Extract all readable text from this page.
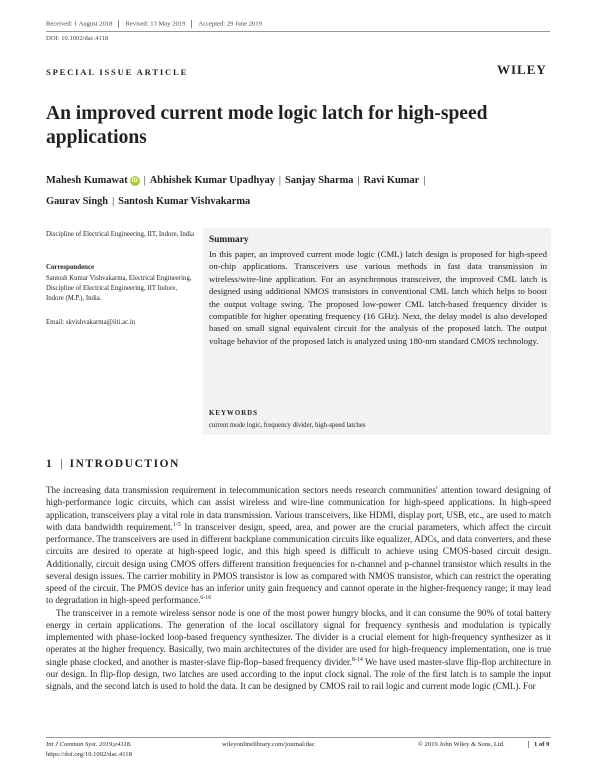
Received: 1 August 2018 Revised: 13 May 2019 Accepted: 29 June 2019
DOI: 10.1002/dac.4118
SPECIAL ISSUE ARTICLE	WILEY
An improved current mode logic latch for high-speed applications
Mahesh Kumawat iD | Abhishek Kumar Upadhyay | Sanjay Sharma | Ravi Kumar |
Gaurav Singh | Santosh Kumar Vishvakarma
Discipline of Electrical Engineering, IIT, Indore, India
Correspondence
Santosh Kumar Vishvakarma, Electrical Engineering, Discipline of Electrical Engineering, IIT Indore, Indore (M.P.), India.
Email: skvishvakarma@iiti.ac.in
Summary
In this paper, an improved current mode logic (CML) latch design is proposed for high-speed on-chip applications. Transceivers use various methods in fast data transmission in wireless/wire-line application. For an asynchronous transceiver, the improved CML latch is designed using additional NMOS transistors in conventional CML latch which helps to boost the output voltage swing. The proposed low-power CML latch-based frequency divider is compatible for higher operating frequency (16 GHz). Next, the delay model is also developed based on small signal equivalent circuit for the analysis of the proposed latch. The output voltage behavior of the proposed latch is analyzed using 180-nm standard CMOS technology.
KEYWORDS
current mode logic, frequency divider, high-speed latches
1 | INTRODUCTION

The increasing data transmission requirement in telecommunication sectors needs research communities' attention toward designing of high-performance logic circuits, which can assist wireless and wire-line communication for high-speed applications. In high-speed application, transceivers play a vital role in data transmission. Various transceivers, like HDMI, display port, USB, etc., are used to match with data bandwidth requirement.$^{1-5}$ In transceiver design, speed, area, and power are the crucial parameters, which affect the circuit performance. The transceivers are used in different backplane communication circuits like equalizer, ADCs, and data converters, and these circuits are desired to operate at high-speed logic, and this high speed is difficult to achieve using CMOS-based circuit design. Additionally, circuit design using CMOS offers different transition frequencies for n-channel and p-channel transistor which results in the several design issues. The carrier mobility in PMOS transistor is low as compared with NMOS transistor, which can restrict the operating speed of the circuit. The PMOS device has an inferior unity gain frequency and cannot operate in the higher-frequency range; it may lead to degradation in high-speed performance.$^{6-16}$

The transceiver in a remote wireless sensor node is one of the most power hungry blocks, and it can consume the 90% of total battery energy in certain applications. The generation of the local oscillatory signal for frequency synthesis and modulation is typically implemented with phase-locked loop-based frequency synthesizer. The divider is a crucial element for high-frequency synthesizer as it operates at the higher frequency. Basically, two main architectures of the divider are used for high-frequency implementation, one is true single phase clocked, and another is master-slave flip-flop–based frequency divider.$^{8-14}$ We have used master-slave flip-flop architecture in our design. In flip-flop design, two latches are used according to the input clock signal. The role of the first latch is to sample the input signals, and the second latch is used to hold the data. It can be designed by CMOS rail to rail logic and current mode logic (CML). For

Int J Commun Syst. 2019;e4118.
https://doi.org/10.1002/dac.4118
wileyonlinelibrary.com/journal/dac	© 2019 John Wiley & Sons, Ltd.	1 of 9
